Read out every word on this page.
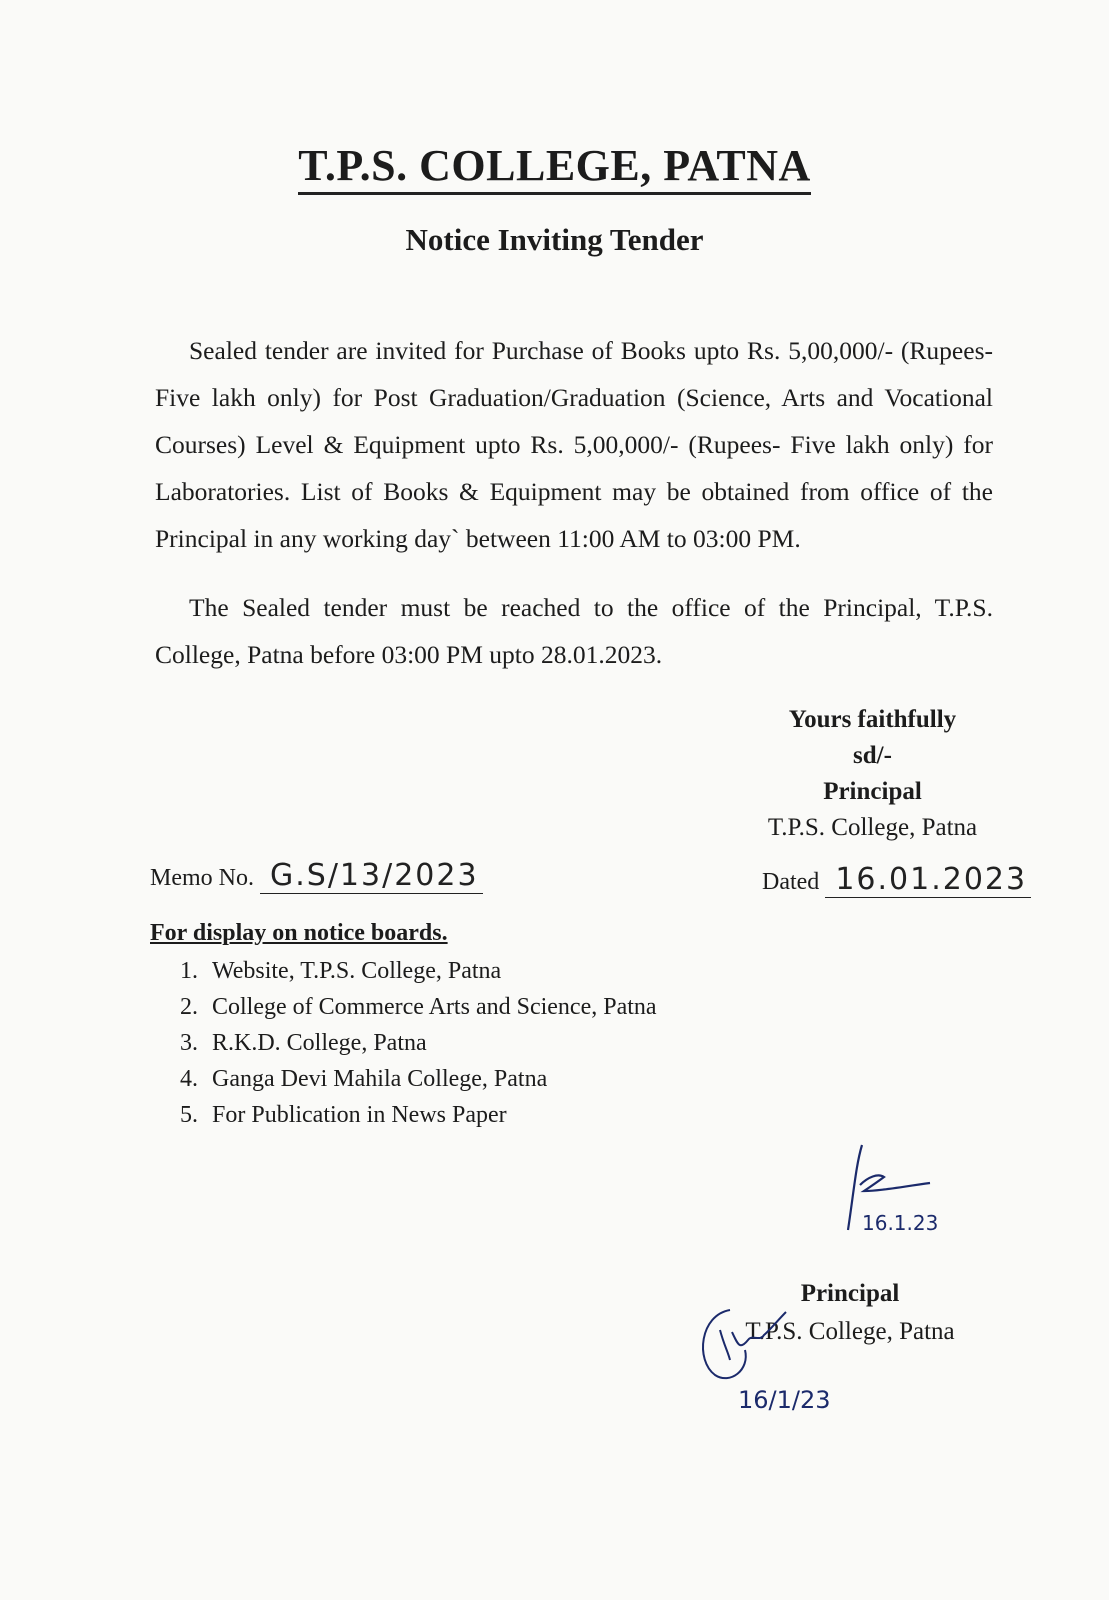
T.P.S. COLLEGE, PATNA
Notice Inviting Tender

Sealed tender are invited for Purchase of Books upto Rs. 5,00,000/- (Rupees- Five lakh only) for Post Graduation/Graduation (Science, Arts and Vocational Courses) Level & Equipment upto Rs. 5,00,000/- (Rupees- Five lakh only) for Laboratories. List of Books & Equipment may be obtained from office of the Principal in any working day` between 11:00 AM to 03:00 PM.

The Sealed tender must be reached to the office of the Principal, T.P.S. College, Patna before 03:00 PM upto 28.01.2023.

Yours faithfully
sd/-
Principal
T.P.S. College, Patna
Memo No. G.S/13/2023	Dated 16.01.2023
For display on notice boards.
1. Website, T.P.S. College, Patna
2. College of Commerce Arts and Science, Patna
3. R.K.D. College, Patna
4. Ganga Devi Mahila College, Patna
5. For Publication in News Paper
16.1.23
Principal
T.P.S. College, Patna
16/1/23
